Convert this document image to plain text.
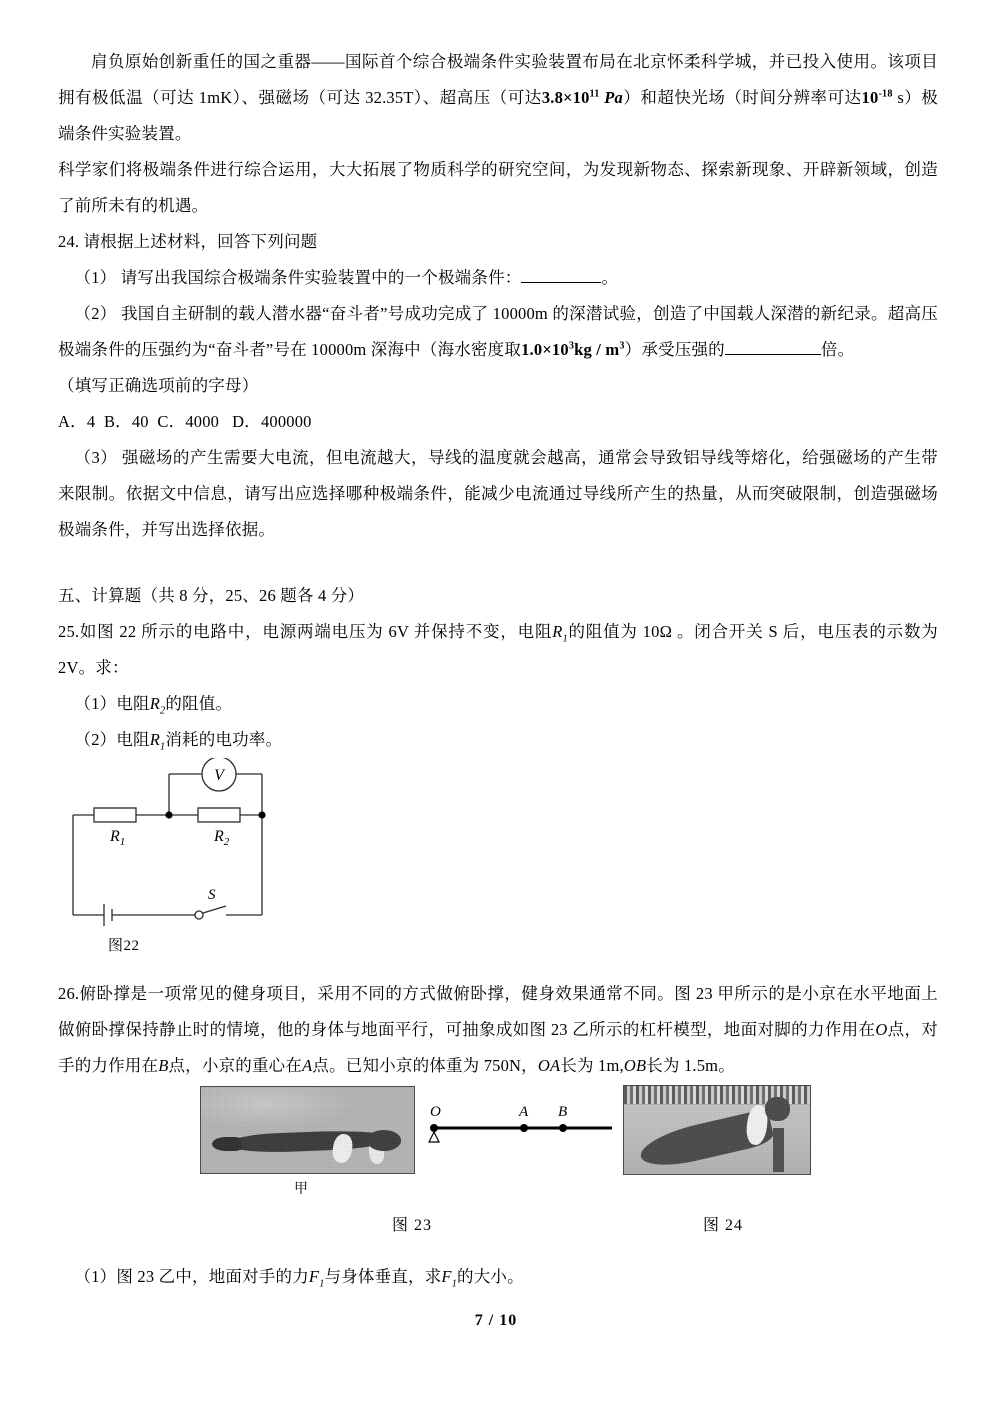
肩负原始创新重任的国之重器——国际首个综合极端条件实验装置布局在北京怀柔科学城，并已投入使用。该项目拥有极低温（可达 1mK）、强磁场（可达 32.35T）、超高压（可达$3.8\times 10^{11}$ Pa）和超快光场（时间分辨率可达$10^{-18}$ s）极端条件实验装置。

科学家们将极端条件进行综合运用，大大拓展了物质科学的研究空间，为发现新物态、探索新现象、开辟新领域，创造了前所未有的机遇。

24. 请根据上述材料，回答下列问题

（1） 请写出我国综合极端条件实验装置中的一个极端条件：	。

（2） 我国自主研制的载人潜水器“奋斗者”号成功完成了 10000m 的深潜试验，创造了中国载人深潜的新纪录。超高压极端条件的压强约为“奋斗者”号在 10000m 深海中（海水密度取$1.0\times 10^3kg / m^3$）承受压强的	倍。

（填写正确选项前的字母）

A．4 B．40 C．4000 D．400000

（3） 强磁场的产生需要大电流，但电流越大，导线的温度就会越高，通常会导致铝导线等熔化，给强磁场的产生带来限制。依据文中信息，请写出应选择哪种极端条件，能减少电流通过导线所产生的热量，从而突破限制，创造强磁场极端条件，并写出选择依据。

五、计算题（共 8 分，25、26 题各 4 分）

25.如图 22 所示的电路中，电源两端电压为 6V 并保持不变，电阻$R_1$的阻值为 10Ω 。闭合开关 S 后，电压表的示数为 2V。求：

（1）电阻$R_2$的阻值。

（2）电阻$R_1$消耗的电功率。

V
$R_1$	$R_2$
S
图22

26.俯卧撑是一项常见的健身项目，采用不同的方式做俯卧撑，健身效果通常不同。图 23 甲所示的是小京在水平地面上做俯卧撑保持静止时的情境，他的身体与地面平行，可抽象成如图 23 乙所示的杠杆模型，地面对脚的力作用在O点，对手的力作用在B点，小京的重心在A点。已知小京的体重为 750N，OA长为 1m,OB长为 1.5m。

O	A B
甲
图 23	图 24

（1）图 23 乙中，地面对手的力$F_1$与身体垂直，求$F_1$的大小。

7 / 10
